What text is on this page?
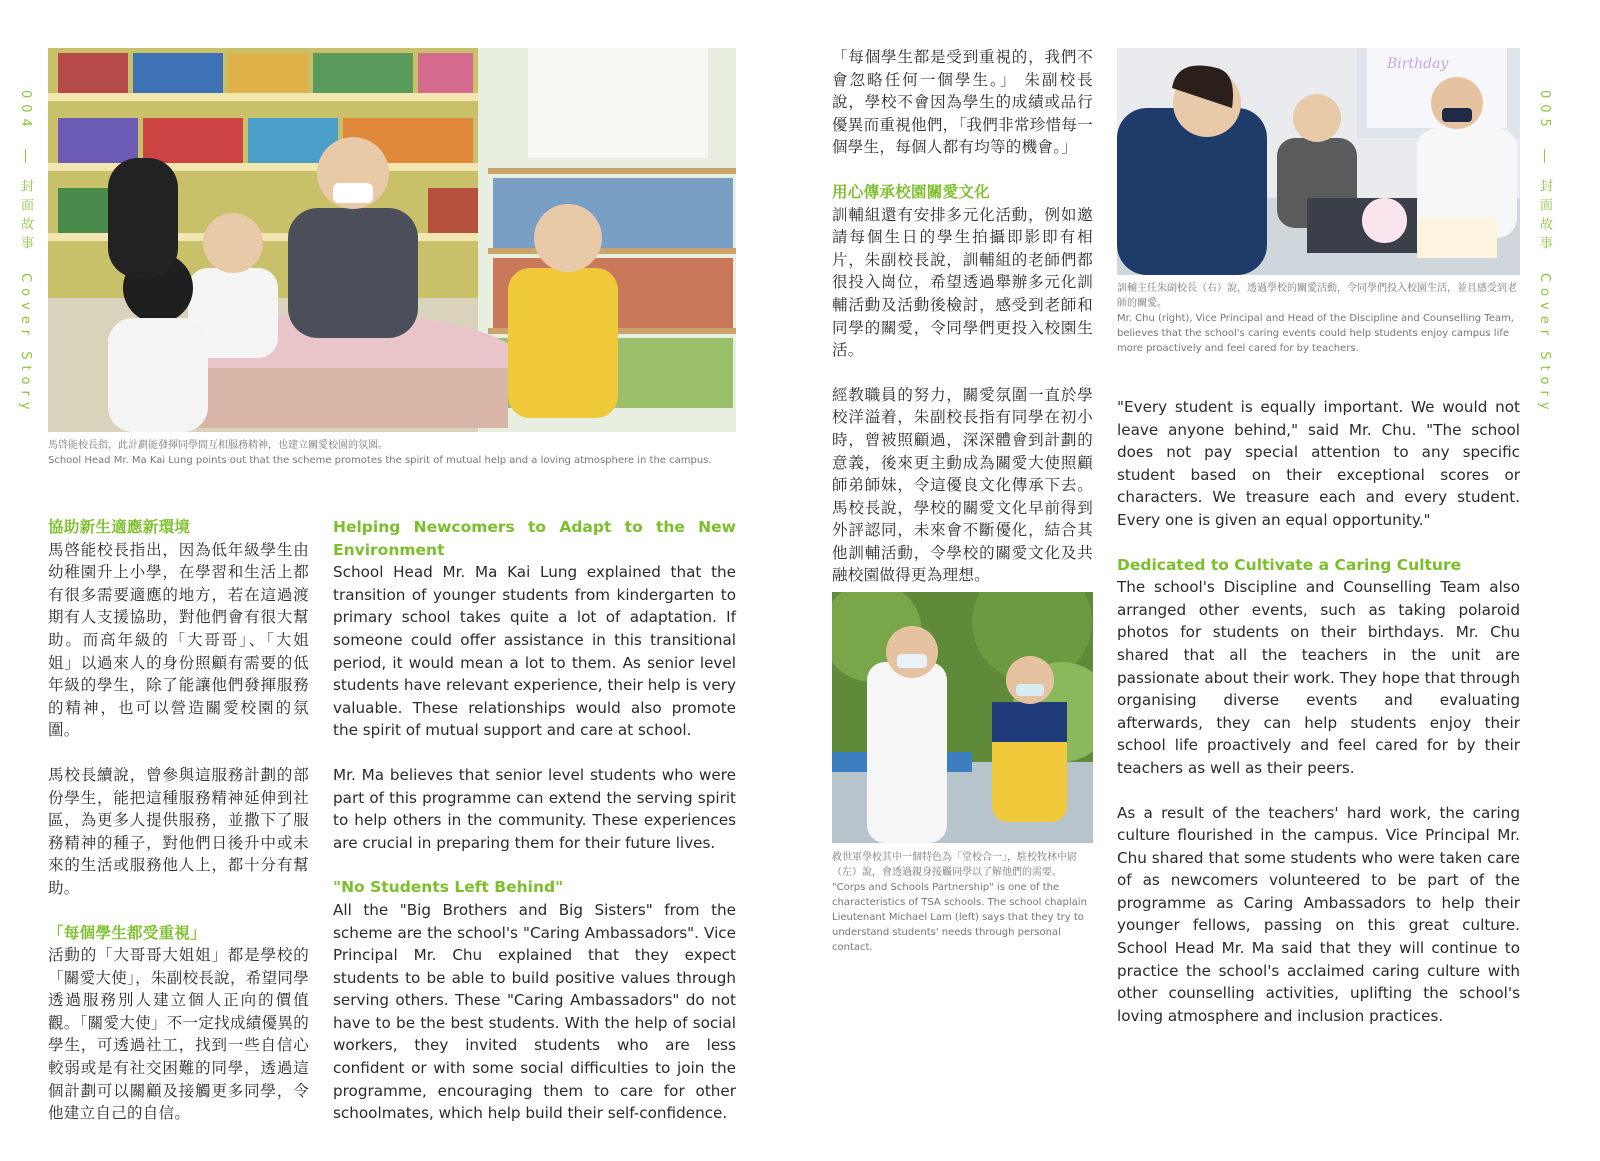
004  封面故事 Cover Story
馬啓能校長指，此計劃能發揮同學間互相服務精神，也建立關愛校園的氛圍。
School Head Mr. Ma Kai Lung points out that the scheme promotes the spirit of mutual help and a loving atmosphere in the campus.
協助新生適應新環境

馬啓能校長指出，因為低年級學生由幼稚園升上小學，在學習和生活上都有很多需要適應的地方，若在這過渡期有人支援協助，對他們會有很大幫助。而高年級的「大哥哥」、「大姐姐」以過來人的身份照顧有需要的低年級的學生，除了能讓他們發揮服務的精神，也可以營造關愛校園的氛圍。

馬校長續說，曾參與這服務計劃的部份學生，能把這種服務精神延伸到社區，為更多人提供服務，並撒下了服務精神的種子，對他們日後升中或未來的生活或服務他人上，都十分有幫助。

「每個學生都受重視」

活動的「大哥哥大姐姐」都是學校的「關愛大使」，朱副校長說，希望同學透過服務別人建立個人正向的價值觀。「關愛大使」不一定找成績優異的學生，可透過社工，找到一些自信心較弱或是有社交困難的同學，透過這個計劃可以關顧及接觸更多同學，令他建立自己的自信。

Helping Newcomers to Adapt to the New Environment

School Head Mr. Ma Kai Lung explained that the transition of younger students from kindergarten to primary school takes quite a lot of adaptation. If someone could offer assistance in this transitional period, it would mean a lot to them. As senior level students have relevant experience, their help is very valuable. These relationships would also promote the spirit of mutual support and care at school.

Mr. Ma believes that senior level students who were part of this programme can extend the serving spirit to help others in the community. These experiences are crucial in preparing them for their future lives.

"No Students Left Behind"

All the "Big Brothers and Big Sisters" from the scheme are the school's "Caring Ambassadors". Vice Principal Mr. Chu explained that they expect students to be able to build positive values through serving others. These "Caring Ambassadors" do not have to be the best students. With the help of social workers, they invited students who are less confident or with some social difficulties to join the programme, encouraging them to care for other schoolmates, which help build their self-confidence.

005  封面故事 Cover Story

「每個學生都是受到重視的，我們不會忽略任何一個學生。」 朱副校長說，學校不會因為學生的成績或品行優異而重視他們，「我們非常珍惜每一個學生，每個人都有均等的機會。」

用心傳承校園關愛文化

訓輔組還有安排多元化活動，例如邀請每個生日的學生拍攝即影即有相片，朱副校長說，訓輔組的老師們都很投入崗位，希望透過舉辦多元化訓輔活動及活動後檢討，感受到老師和同學的關愛，令同學們更投入校園生活。

經教職員的努力，關愛氛圍一直於學校洋溢着，朱副校長指有同學在初小時，曾被照顧過，深深體會到計劃的意義，後來更主動成為關愛大使照顧師弟師妹，令這優良文化傳承下去。馬校長說，學校的關愛文化早前得到外評認同，未來會不斷優化，結合其他訓輔活動，令學校的關愛文化及共融校園做得更為理想。

救世軍學校其中一個特色為「堂校合一」，駐校牧林中尉（左）說，會透過親身接觸同學以了解他們的需要。
"Corps and Schools Partnership" is one of the characteristics of TSA schools. The school chaplain Lieutenant Michael Lam (left) says that they try to understand students' needs through personal contact.
Birthday
訓輔主任朱副校長（右）說，透過學校的關愛活動，令同學們投入校園生活，並且感受到老師的關愛。
Mr. Chu (right), Vice Principal and Head of the Discipline and Counselling Team, believes that the school's caring events could help students enjoy campus life more proactively and feel cared for by teachers.

"Every student is equally important. We would not leave anyone behind," said Mr. Chu. "The school does not pay special attention to any specific student based on their exceptional scores or characters. We treasure each and every student. Every one is given an equal opportunity."

Dedicated to Cultivate a Caring Culture

The school's Discipline and Counselling Team also arranged other events, such as taking polaroid photos for students on their birthdays. Mr. Chu shared that all the teachers in the unit are passionate about their work. They hope that through organising diverse events and evaluating afterwards, they can help students enjoy their school life proactively and feel cared for by their teachers as well as their peers.

As a result of the teachers' hard work, the caring culture flourished in the campus. Vice Principal Mr. Chu shared that some students who were taken care of as newcomers volunteered to be part of the programme as Caring Ambassadors to help their younger fellows, passing on this great culture. School Head Mr. Ma said that they will continue to practice the school's acclaimed caring culture with other counselling activities, uplifting the school's loving atmosphere and inclusion practices.
